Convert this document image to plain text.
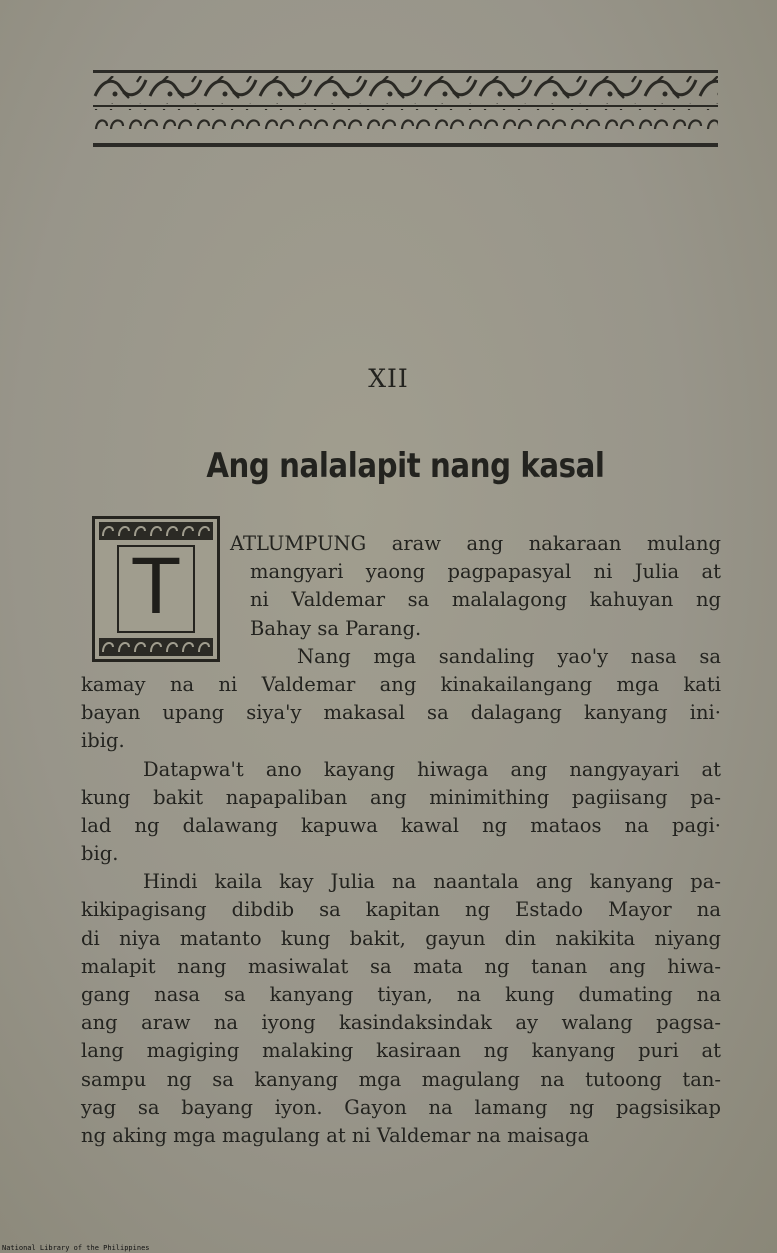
XII
Ang nalalapit nang kasal
T	ATLUMPUNG araw ang nakaraan mulang
mangyari yaong pagpapasyal ni Julia at
ni Valdemar sa malalagong kahuyan ng
Bahay sa Parang.
Nang mga sandaling yao'y nasa sa
kamay na ni Valdemar ang kinakailangang mga kati
bayan upang siya'y makasal sa dalagang kanyang ini·
ibig.
Datapwa't ano kayang hiwaga ang nangyayari at
kung bakit napapaliban ang minimithing pagiisang pa-
lad ng dalawang kapuwa kawal ng mataos na pagi·
big.
Hindi kaila kay Julia na naantala ang kanyang pa-
kikipagisang dibdib sa kapitan ng Estado Mayor na
di niya matanto kung bakit, gayun din nakikita niyang
malapit nang masiwalat sa mata ng tanan ang hiwa-
gang nasa sa kanyang tiyan, na kung dumating na
ang araw na iyong kasindaksindak ay walang pagsa-
lang magiging malaking kasiraan ng kanyang puri at
sampu ng sa kanyang mga magulang na tutoong tan-
yag sa bayang iyon. Gayon na lamang ng pagsisikap
ng aking mga magulang at ni Valdemar na maisaga
National Library of the Philippines
